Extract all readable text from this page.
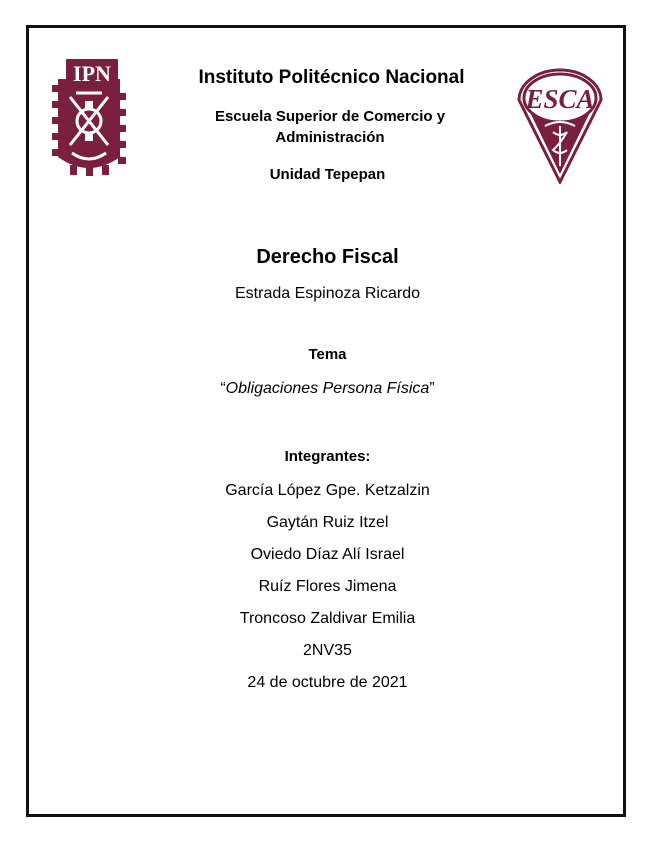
IPN
ESCA
Instituto Politécnico Nacional
Escuela Superior de Comercio y Administración
Unidad Tepepan
Derecho Fiscal
Estrada Espinoza Ricardo
Tema
“Obligaciones Persona Física”
Integrantes:
García López Gpe. Ketzalzin
Gaytán Ruiz Itzel
Oviedo Díaz Alí Israel
Ruíz Flores Jimena
Troncoso Zaldivar Emilia
2NV35
24 de octubre de 2021
